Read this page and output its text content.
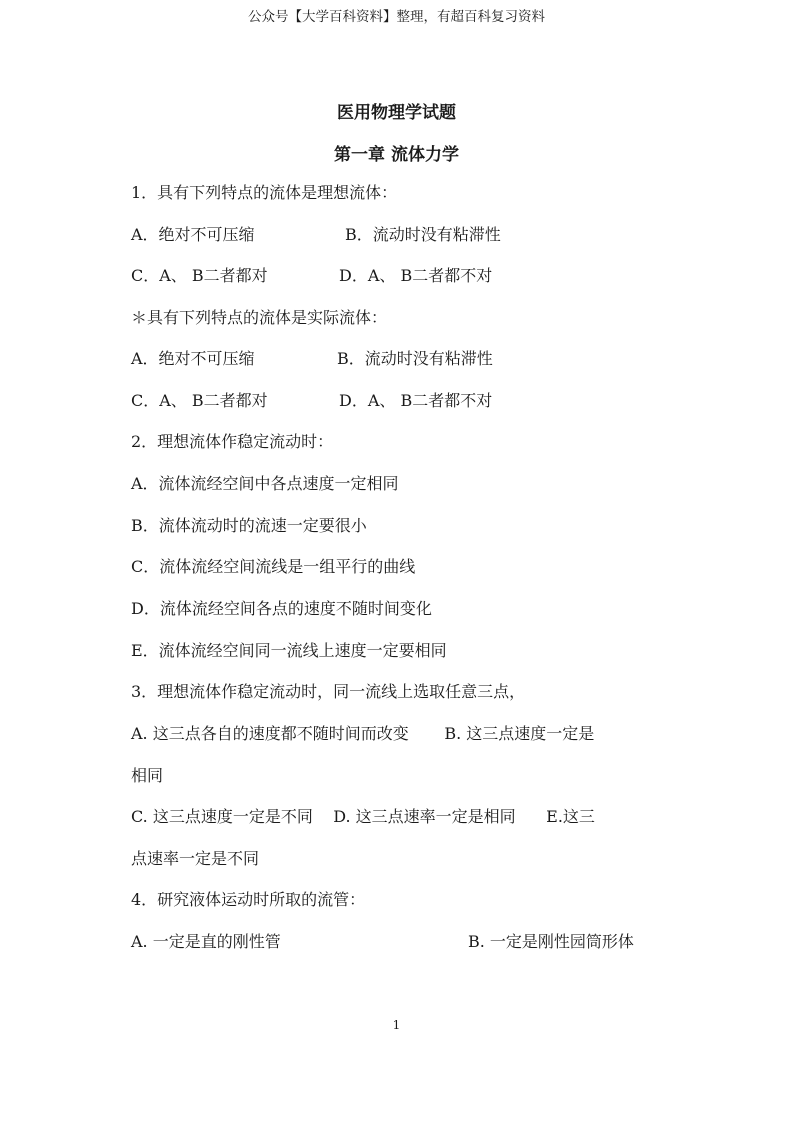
公众号【大学百科资料】整理，有超百科复习资料
医用物理学试题
第一章 流体力学
1．具有下列特点的流体是理想流体：
A．绝对不可压缩	B．流动时没有粘滞性
C．A、 B二者都对	D．A、 B二者都不对
＊具有下列特点的流体是实际流体：
A．绝对不可压缩	B．流动时没有粘滞性
C．A、 B二者都对	D．A、 B二者都不对
2．理想流体作稳定流动时：
A．流体流经空间中各点速度一定相同
B．流体流动时的流速一定要很小
C．流体流经空间流线是一组平行的曲线
D．流体流经空间各点的速度不随时间变化
E．流体流经空间同一流线上速度一定要相同
3．理想流体作稳定流动时，同一流线上选取任意三点，
A. 这三点各自的速度都不随时间而改变       B. 这三点速度一定是
相同
C. 这三点速度一定是不同    D. 这三点速率一定是相同      E.这三
点速率一定是不同
4．研究液体运动时所取的流管：
A. 一定是直的刚性管	B. 一定是刚性园筒形体
1
